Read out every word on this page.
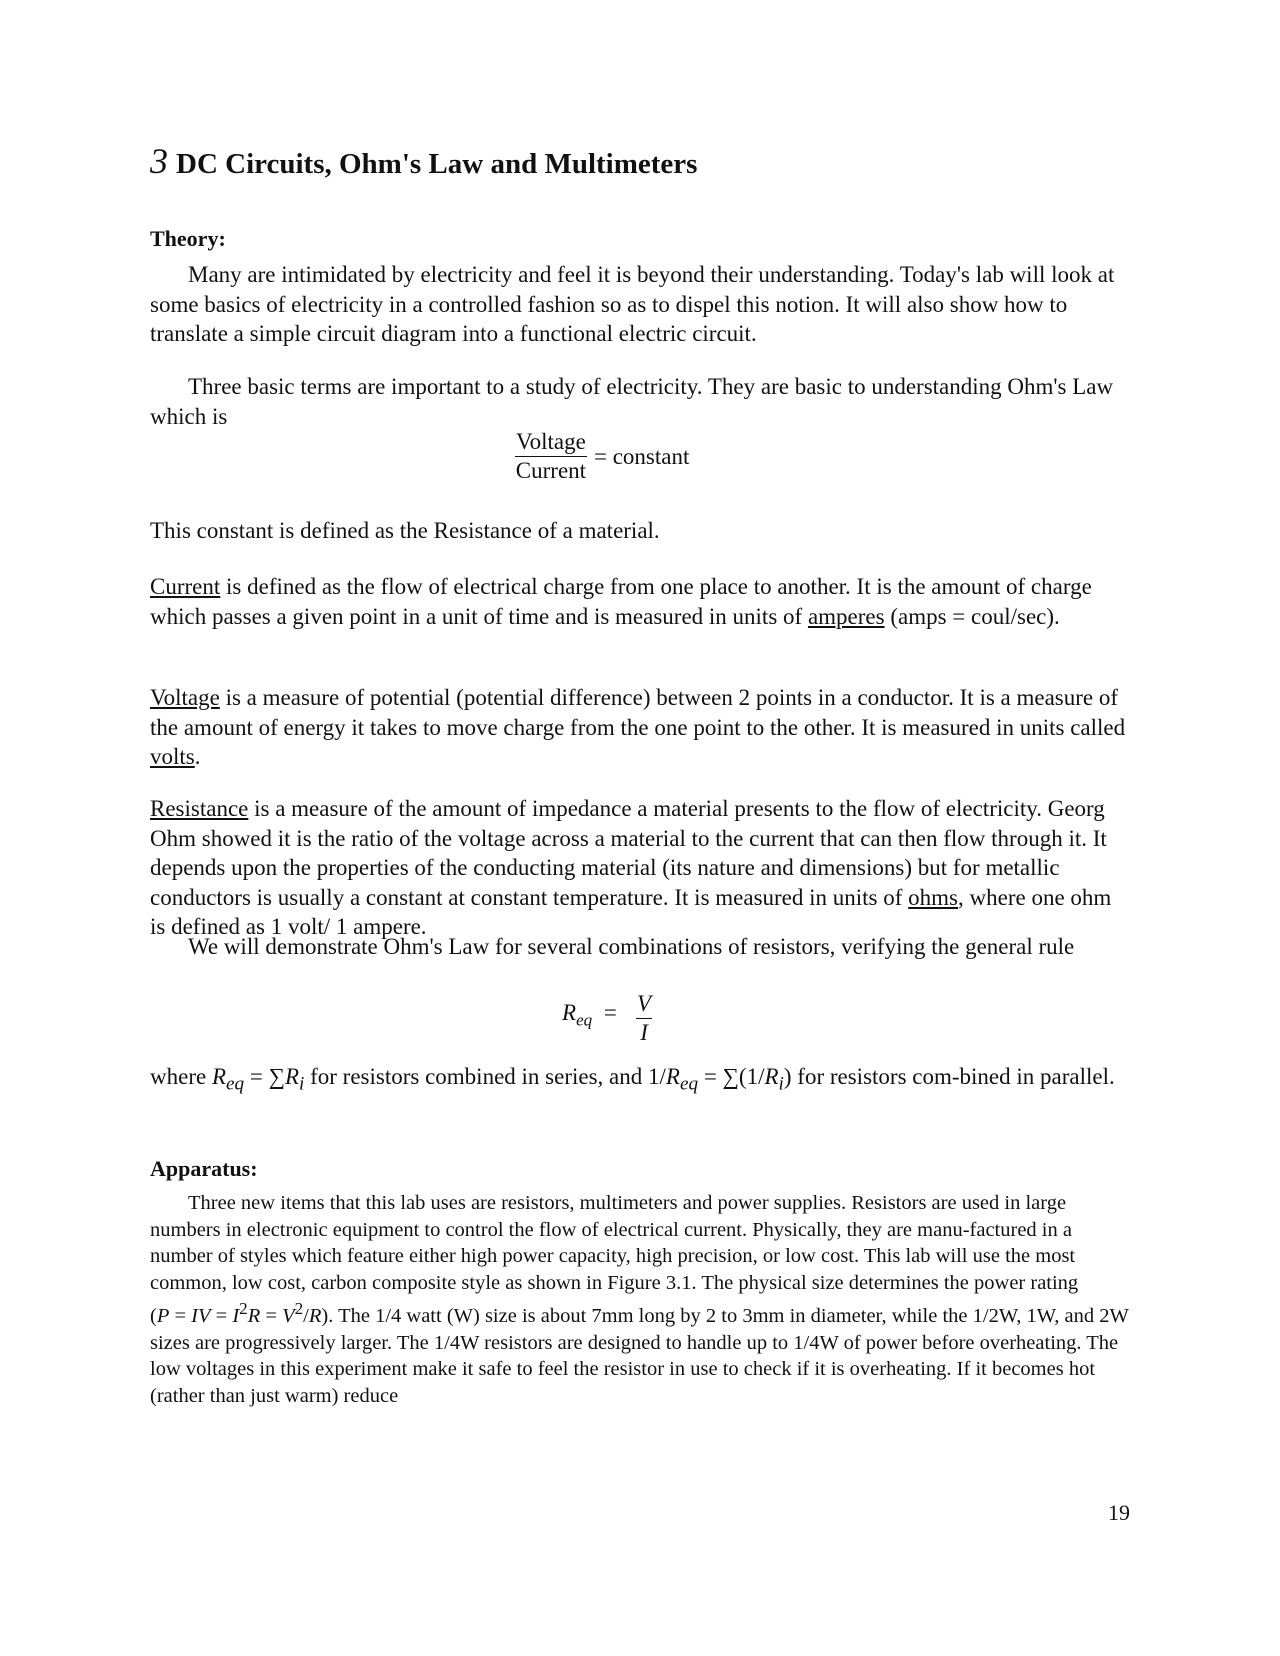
3 DC Circuits, Ohm's Law and Multimeters
Theory:

Many are intimidated by electricity and feel it is beyond their understanding. Today's lab will look at some basics of electricity in a controlled fashion so as to dispel this notion. It will also show how to translate a simple circuit diagram into a functional electric circuit.

Three basic terms are important to a study of electricity. They are basic to understanding Ohm's Law which is

Voltage
Current
= constant

This constant is defined as the Resistance of a material.

Current is defined as the flow of electrical charge from one place to another. It is the amount of charge which passes a given point in a unit of time and is measured in units of amperes (amps = coul/sec).

Voltage is a measure of potential (potential difference) between 2 points in a conductor. It is a measure of the amount of energy it takes to move charge from the one point to the other. It is measured in units called volts.

Resistance is a measure of the amount of impedance a material presents to the flow of electricity. Georg Ohm showed it is the ratio of the voltage across a material to the current that can then flow through it. It depends upon the properties of the conducting material (its nature and dimensions) but for metallic conductors is usually a constant at constant temperature. It is measured in units of ohms, where one ohm is defined as 1 volt/ 1 ampere.

We will demonstrate Ohm's Law for several combinations of resistors, verifying the general rule

$R_{eq} = \frac{V}{I}$

where $R_{eq} = \sum R_i$ for resistors combined in series, and $1/R_{eq} = \sum(1/R_i)$ for resistors com-bined in parallel.

Apparatus:

Three new items that this lab uses are resistors, multimeters and power supplies. Resistors are used in large numbers in electronic equipment to control the flow of electrical current. Physically, they are manu-factured in a number of styles which feature either high power capacity, high precision, or low cost. This lab will use the most common, low cost, carbon composite style as shown in Figure 3.1. The physical size determines the power rating (P = IV = $I^2R = V^2/R$). The 1/4 watt (W) size is about 7mm long by 2 to 3mm in diameter, while the 1/2W, 1W, and 2W sizes are progressively larger. The 1/4W resistors are designed to handle up to 1/4W of power before overheating. The low voltages in this experiment make it safe to feel the resistor in use to check if it is overheating. If it becomes hot (rather than just warm) reduce

19
